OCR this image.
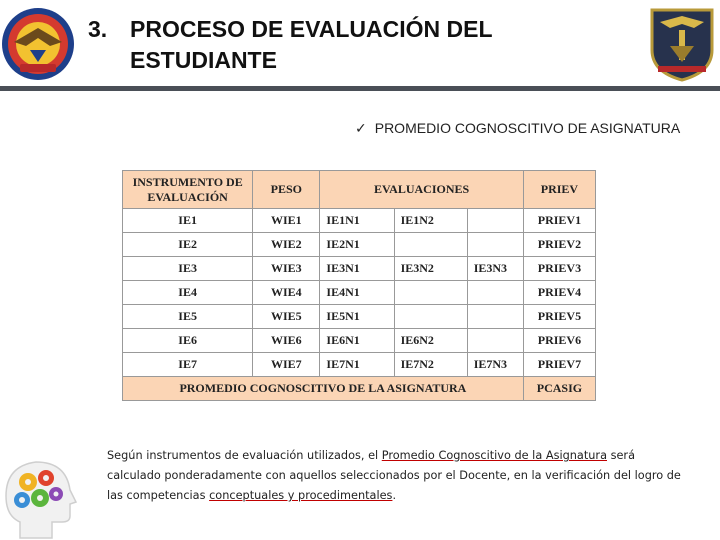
3. PROCESO DE EVALUACIÓN DEL
ESTUDIANTE
✓ PROMEDIO COGNOSCITIVO DE ASIGNATURA
INSTRUMENTO DE EVALUACIÓN	PESO	EVALUACIONES			PRIEV
IE1	WIE1	IE1N1	IE1N2		PRIEV1
IE2	WIE2	IE2N1			PRIEV2
IE3	WIE3	IE3N1	IE3N2	IE3N3	PRIEV3
IE4	WIE4	IE4N1			PRIEV4
IE5	WIE5	IE5N1			PRIEV5
IE6	WIE6	IE6N1	IE6N2		PRIEV6
IE7	WIE7	IE7N1	IE7N2	IE7N3	PRIEV7
PROMEDIO COGNOSCITIVO DE LA ASIGNATURA					PCASIG
Según instrumentos de evaluación utilizados, el Promedio Cognoscitivo de la Asignatura será calculado ponderadamente con aquellos seleccionados por el Docente, en la verificación del logro de las competencias conceptuales y procedimentales.
